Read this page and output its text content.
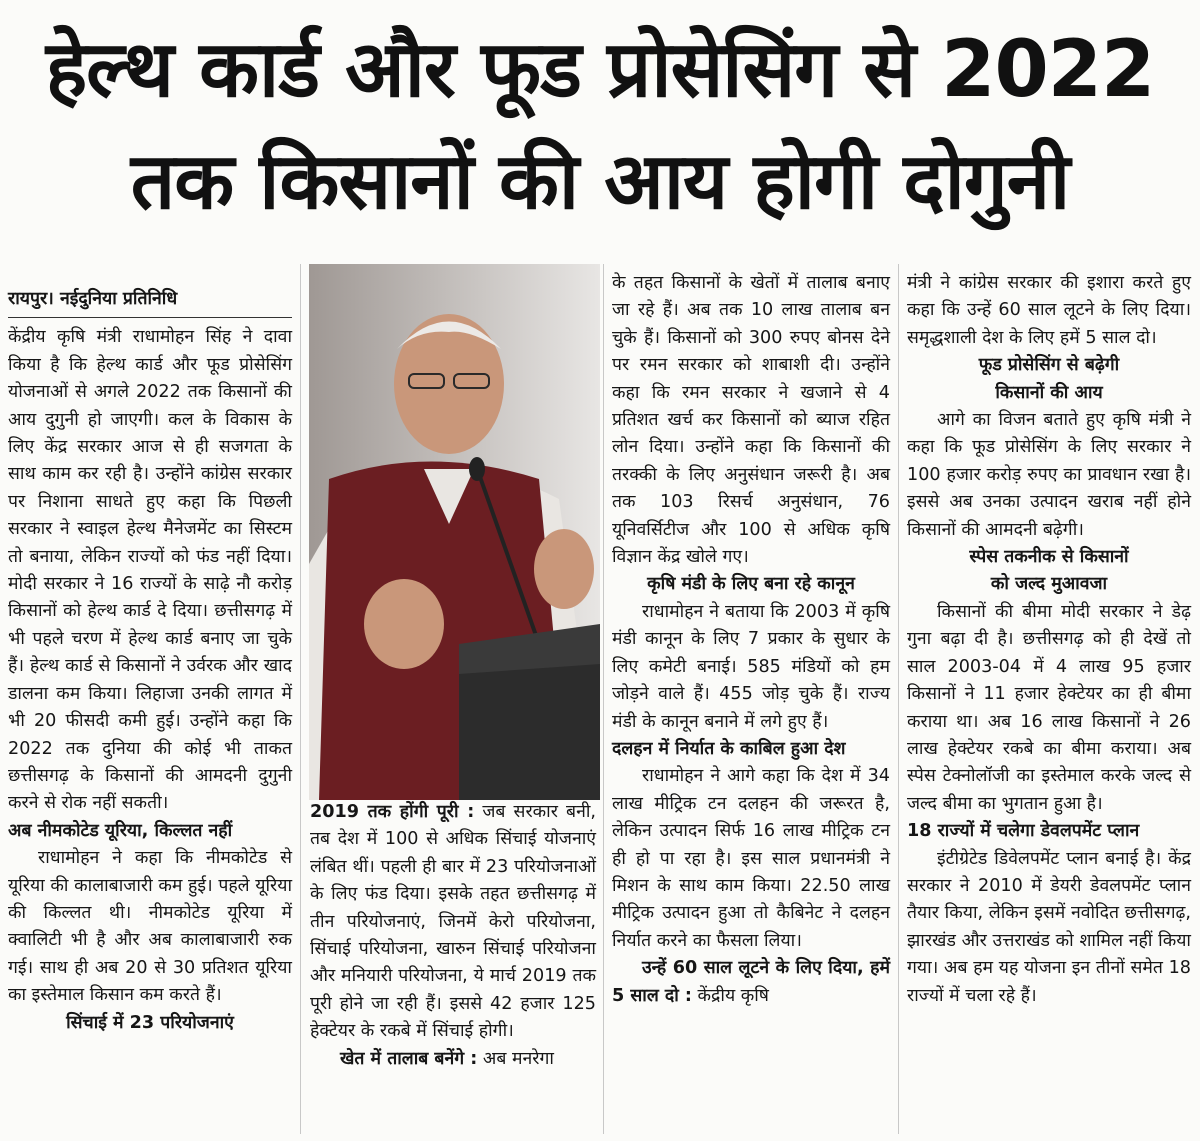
हेल्थ कार्ड और फूड प्रोसेसिंग से 2022
तक किसानों की आय होगी दोगुनी
रायपुर। नईदुनिया प्रतिनिधि

केंद्रीय कृषि मंत्री राधामोहन सिंह ने दावा किया है कि हेल्थ कार्ड और फूड प्रोसेसिंग योजनाओं से अगले 2022 तक किसानों की आय दुगुनी हो जाएगी। कल के विकास के लिए केंद्र सरकार आज से ही सजगता के साथ काम कर रही है। उन्होंने कांग्रेस सरकार पर निशाना साधते हुए कहा कि पिछली सरकार ने स्वाइल हेल्थ मैनेजमेंट का सिस्टम तो बनाया, लेकिन राज्यों को फंड नहीं दिया। मोदी सरकार ने 16 राज्यों के साढ़े नौ करोड़ किसानों को हेल्थ कार्ड दे दिया। छत्तीसगढ़ में भी पहले चरण में हेल्थ कार्ड बनाए जा चुके हैं। हेल्थ कार्ड से किसानों ने उर्वरक और खाद डालना कम किया। लिहाजा उनकी लागत में भी 20 फीसदी कमी हुई। उन्होंने कहा कि 2022 तक दुनिया की कोई भी ताकत छत्तीसगढ़ के किसानों की आमदनी दुगुनी करने से रोक नहीं सकती।

अब नीमकोटेड यूरिया, किल्लत नहीं

राधामोहन ने कहा कि नीमकोटेड से यूरिया की कालाबाजारी कम हुई। पहले यूरिया की किल्लत थी। नीमकोटेड यूरिया में क्वालिटी भी है और अब कालाबाजारी रुक गई। साथ ही अब 20 से 30 प्रतिशत यूरिया का इस्तेमाल किसान कम करते हैं।

सिंचाई में 23 परियोजनाएं

2019 तक होंगी पूरी : जब सरकार बनी, तब देश में 100 से अधिक सिंचाई योजनाएं लंबित थीं। पहली ही बार में 23 परियोजनाओं के लिए फंड दिया। इसके तहत छत्तीसगढ़ में तीन परियोजनाएं, जिनमें केरो परियोजना, सिंचाई परियोजना, खारुन सिंचाई परियोजना और मनियारी परियोजना, ये मार्च 2019 तक पूरी होने जा रही हैं। इससे 42 हजार 125 हेक्टेयर के रकबे में सिंचाई होगी।

खेत में तालाब बनेंगे : अब मनरेगा

के तहत किसानों के खेतों में तालाब बनाए जा रहे हैं। अब तक 10 लाख तालाब बन चुके हैं। किसानों को 300 रुपए बोनस देने पर रमन सरकार को शाबाशी दी। उन्होंने कहा कि रमन सरकार ने खजाने से 4 प्रतिशत खर्च कर किसानों को ब्याज रहित लोन दिया। उन्होंने कहा कि किसानों की तरक्की के लिए अनुसंधान जरूरी है। अब तक 103 रिसर्च अनुसंधान, 76 यूनिवर्सिटीज और 100 से अधिक कृषि विज्ञान केंद्र खोले गए।

कृषि मंडी के लिए बना रहे कानून

राधामोहन ने बताया कि 2003 में कृषि मंडी कानून के लिए 7 प्रकार के सुधार के लिए कमेटी बनाई। 585 मंडियों को हम जोड़ने वाले हैं। 455 जोड़ चुके हैं। राज्य मंडी के कानून बनाने में लगे हुए हैं।

दलहन में निर्यात के काबिल हुआ देश

राधामोहन ने आगे कहा कि देश में 34 लाख मीट्रिक टन दलहन की जरूरत है, लेकिन उत्पादन सिर्फ 16 लाख मीट्रिक टन ही हो पा रहा है। इस साल प्रधानमंत्री ने मिशन के साथ काम किया। 22.50 लाख मीट्रिक उत्पादन हुआ तो कैबिनेट ने दलहन निर्यात करने का फैसला लिया।

उन्हें 60 साल लूटने के लिए दिया, हमें 5 साल दो : केंद्रीय कृषि

मंत्री ने कांग्रेस सरकार की इशारा करते हुए कहा कि उन्हें 60 साल लूटने के लिए दिया। समृद्धशाली देश के लिए हमें 5 साल दो।

फूड प्रोसेसिंग से बढ़ेगी
किसानों की आय

आगे का विजन बताते हुए कृषि मंत्री ने कहा कि फूड प्रोसेसिंग के लिए सरकार ने 100 हजार करोड़ रुपए का प्रावधान रखा है। इससे अब उनका उत्पादन खराब नहीं होने किसानों की आमदनी बढ़ेगी।

स्पेस तकनीक से किसानों
को जल्द मुआवजा

किसानों की बीमा मोदी सरकार ने डेढ़ गुना बढ़ा दी है। छत्तीसगढ़ को ही देखें तो साल 2003-04 में 4 लाख 95 हजार किसानों ने 11 हजार हेक्टेयर का ही बीमा कराया था। अब 16 लाख किसानों ने 26 लाख हेक्टेयर रकबे का बीमा कराया। अब स्पेस टेक्नोलॉजी का इस्तेमाल करके जल्द से जल्द बीमा का भुगतान हुआ है।

18 राज्यों में चलेगा डेवलपमेंट प्लान

इंटीग्रेटेड डिवेलपमेंट प्लान बनाई है। केंद्र सरकार ने 2010 में डेयरी डेवलपमेंट प्लान तैयार किया, लेकिन इसमें नवोदित छत्तीसगढ़, झारखंड और उत्तराखंड को शामिल नहीं किया गया। अब हम यह योजना इन तीनों समेत 18 राज्यों में चला रहे हैं।
